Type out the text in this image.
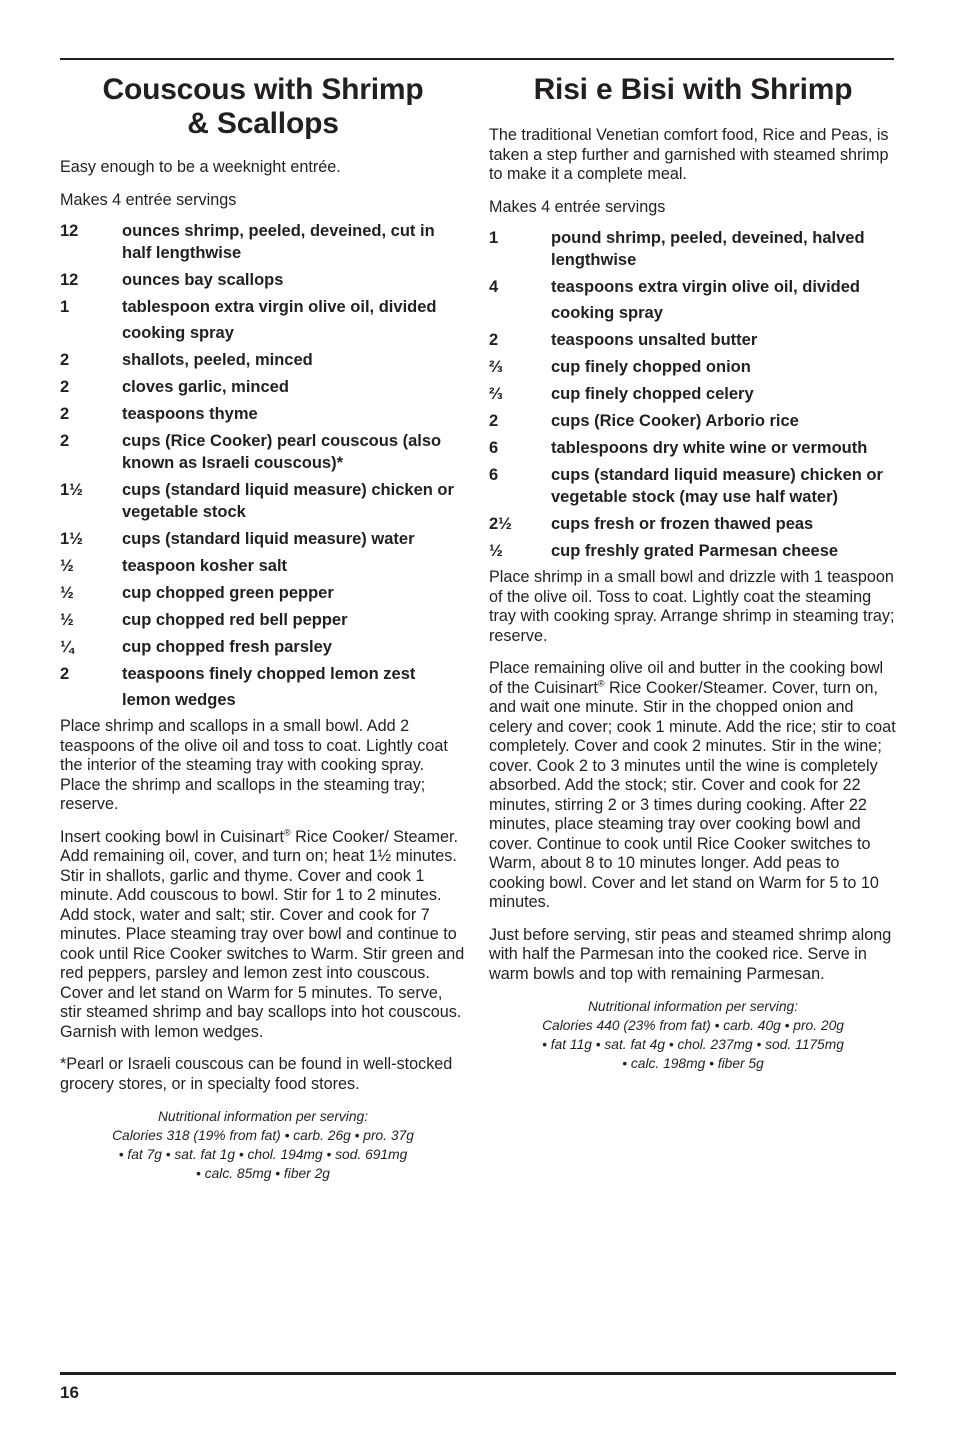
Couscous with Shrimp
& Scallops

Easy enough to be a weeknight entrée.

Makes 4 entrée servings

12	ounces shrimp, peeled, deveined, cut in half lengthwise
12	ounces bay scallops
1	tablespoon extra virgin olive oil, divided
cooking spray
2	shallots, peeled, minced
2	cloves garlic, minced
2	teaspoons thyme
2	cups (Rice Cooker) pearl couscous (also known as Israeli couscous)*
1½	cups (standard liquid measure) chicken or vegetable stock
1½	cups (standard liquid measure) water
½	teaspoon kosher salt
½	cup chopped green pepper
½	cup chopped red bell pepper
¼	cup chopped fresh parsley
2	teaspoons finely chopped lemon zest
lemon wedges

Place shrimp and scallops in a small bowl. Add 2 teaspoons of the olive oil and toss to coat. Lightly coat the interior of the steaming tray with cooking spray. Place the shrimp and scallops in the steaming tray; reserve.

Insert cooking bowl in Cuisinart® Rice Cooker/ Steamer. Add remaining oil, cover, and turn on; heat 1½ minutes. Stir in shallots, garlic and thyme. Cover and cook 1 minute. Add couscous to bowl. Stir for 1 to 2 minutes. Add stock, water and salt; stir. Cover and cook for 7 minutes. Place steaming tray over bowl and continue to cook until Rice Cooker switches to Warm. Stir green and red peppers, parsley and lemon zest into couscous. Cover and let stand on Warm for 5 minutes. To serve, stir steamed shrimp and bay scallops into hot couscous. Garnish with lemon wedges.

*Pearl or Israeli couscous can be found in well-stocked grocery stores, or in specialty food stores.

Nutritional information per serving:
Calories 318 (19% from fat) • carb. 26g • pro. 37g
• fat 7g • sat. fat 1g • chol. 194mg • sod. 691mg
• calc. 85mg • fiber 2g
Risi e Bisi with Shrimp

The traditional Venetian comfort food, Rice and Peas, is taken a step further and garnished with steamed shrimp to make it a complete meal.

Makes 4 entrée servings

1	pound shrimp, peeled, deveined, halved lengthwise
4	teaspoons extra virgin olive oil, divided
cooking spray
2	teaspoons unsalted butter
⅔	cup finely chopped onion
⅔	cup finely chopped celery
2	cups (Rice Cooker) Arborio rice
6	tablespoons dry white wine or vermouth
6	cups (standard liquid measure) chicken or vegetable stock (may use half water)
2½	cups fresh or frozen thawed peas
½	cup freshly grated Parmesan cheese

Place shrimp in a small bowl and drizzle with 1 teaspoon of the olive oil. Toss to coat. Lightly coat the steaming tray with cooking spray. Arrange shrimp in steaming tray; reserve.

Place remaining olive oil and butter in the cooking bowl of the Cuisinart® Rice Cooker/Steamer. Cover, turn on, and wait one minute. Stir in the chopped onion and celery and cover; cook 1 minute. Add the rice; stir to coat completely. Cover and cook 2 minutes. Stir in the wine; cover. Cook 2 to 3 minutes until the wine is completely absorbed. Add the stock; stir. Cover and cook for 22 minutes, stirring 2 or 3 times during cooking. After 22 minutes, place steaming tray over cooking bowl and cover. Continue to cook until Rice Cooker switches to Warm, about 8 to 10 minutes longer. Add peas to cooking bowl. Cover and let stand on Warm for 5 to 10 minutes.

Just before serving, stir peas and steamed shrimp along with half the Parmesan into the cooked rice. Serve in warm bowls and top with remaining Parmesan.

Nutritional information per serving:
Calories 440 (23% from fat) • carb. 40g • pro. 20g
• fat 11g • sat. fat 4g • chol. 237mg • sod. 1175mg
• calc. 198mg • fiber 5g
16
